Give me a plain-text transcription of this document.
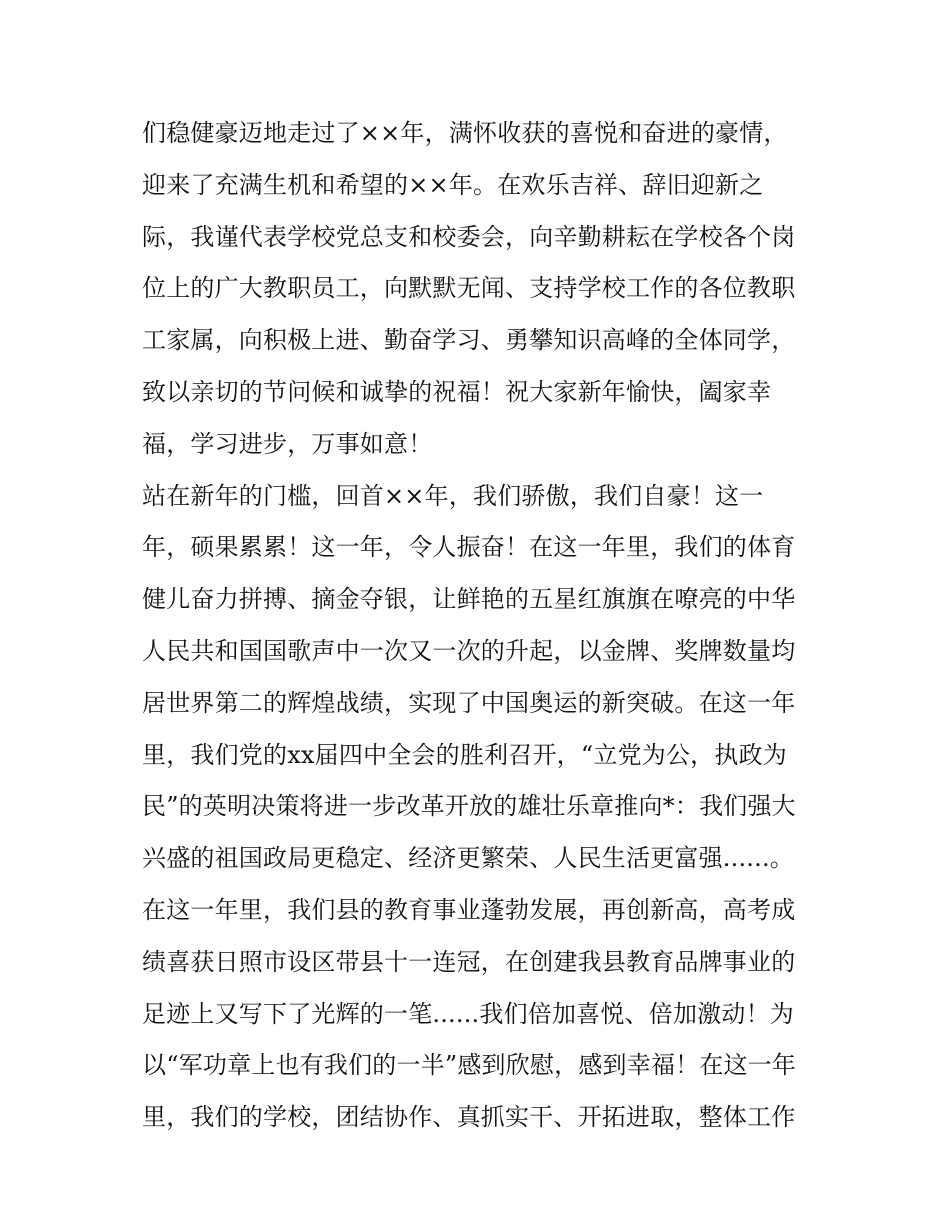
们稳健豪迈地走过了××年，满怀收获的喜悦和奋进的豪情，
迎来了充满生机和希望的××年。在欢乐吉祥、辞旧迎新之
际，我谨代表学校党总支和校委会，向辛勤耕耘在学校各个岗
位上的广大教职员工，向默默无闻、支持学校工作的各位教职
工家属，向积极上进、勤奋学习、勇攀知识高峰的全体同学，
致以亲切的节问候和诚挚的祝福！祝大家新年愉快，阖家幸
福，学习进步，万事如意！
站在新年的门槛，回首××年，我们骄傲，我们自豪！这一
年，硕果累累！这一年，令人振奋！在这一年里，我们的体育
健儿奋力拼搏、摘金夺银，让鲜艳的五星红旗旗在嘹亮的中华
人民共和国国歌声中一次又一次的升起，以金牌、奖牌数量均
居世界第二的辉煌战绩，实现了中国奥运的新突破。在这一年
里，我们党的xx届四中全会的胜利召开，“立党为公，执政为
民”的英明决策将进一步改革开放的雄壮乐章推向*：我们强大
兴盛的祖国政局更稳定、经济更繁荣、人民生活更富强......。
在这一年里，我们县的教育事业蓬勃发展，再创新高，高考成
绩喜获日照市设区带县十一连冠，在创建我县教育品牌事业的
足迹上又写下了光辉的一笔......我们倍加喜悦、倍加激动！为
以“军功章上也有我们的一半”感到欣慰，感到幸福！在这一年
里，我们的学校，团结协作、真抓实干、开拓进取，整体工作
